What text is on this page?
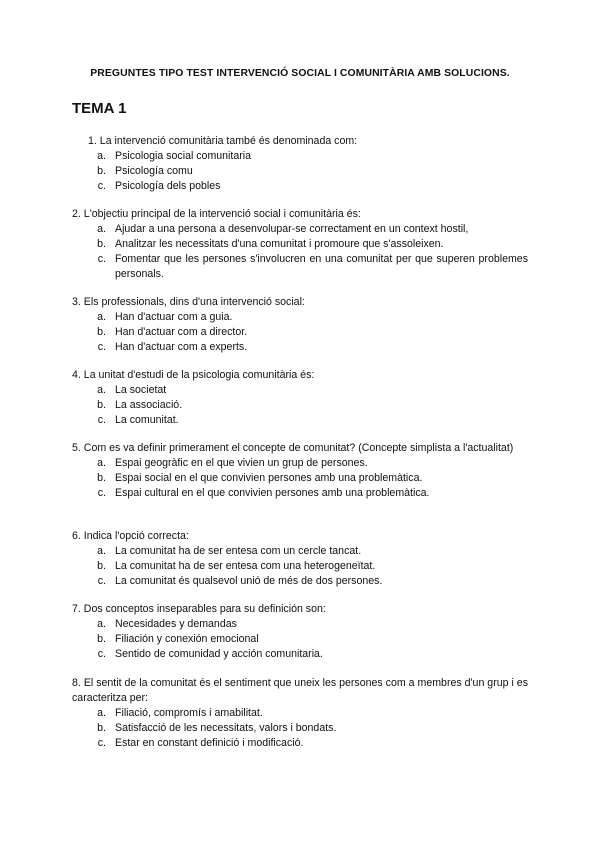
PREGUNTES TIPO TEST INTERVENCIÓ SOCIAL I COMUNITÀRIA AMB SOLUCIONS.
TEMA 1
1. La intervenció comunitària també és denominada com:
a. Psicologia social comunitaria
b. Psicología comu
c. Psicología dels pobles
2. L'objectiu principal de la intervenció social i comunitària és:
a. Ajudar a una persona a desenvolupar-se correctament en un context hostil,
b. Analitzar les necessitats d'una comunitat i promoure que s'assoleixen.
c. Fomentar que les persones s'involucren en una comunitat per que superen problemes personals.
3. Els professionals, dins d'una intervenció social:
a. Han d'actuar com a guia.
b. Han d'actuar com a director.
c. Han d'actuar com a experts.
4. La unitat d'estudi de la psicologia comunitària és:
a. La societat
b. La associació.
c. La comunitat.
5. Com es va definir primerament el concepte de comunitat? (Concepte simplista a l'actualitat)
a. Espai geogràfic en el que vivien un grup de persones.
b. Espai social en el que convivien persones amb una problemàtica.
c. Espai cultural en el que convivien persones amb una problemàtica.
6. Indica l'opció correcta:
a. La comunitat ha de ser entesa com un cercle tancat.
b. La comunitat ha de ser entesa com una heterogeneïtat.
c. La comunitat és qualsevol unió de més de dos persones.
7. Dos conceptos inseparables para su definición son:
a. Necesidades y demandas
b. Filiación y conexión emocional
c. Sentido de comunidad y acción comunitaria.
8. El sentit de la comunitat és el sentiment que uneix les persones com a membres d'un grup i es caracteritza per:
a. Filiació, compromís i amabilitat.
b. Satisfacció de les necessitats, valors i bondats.
c. Estar en constant definició i modificació.
